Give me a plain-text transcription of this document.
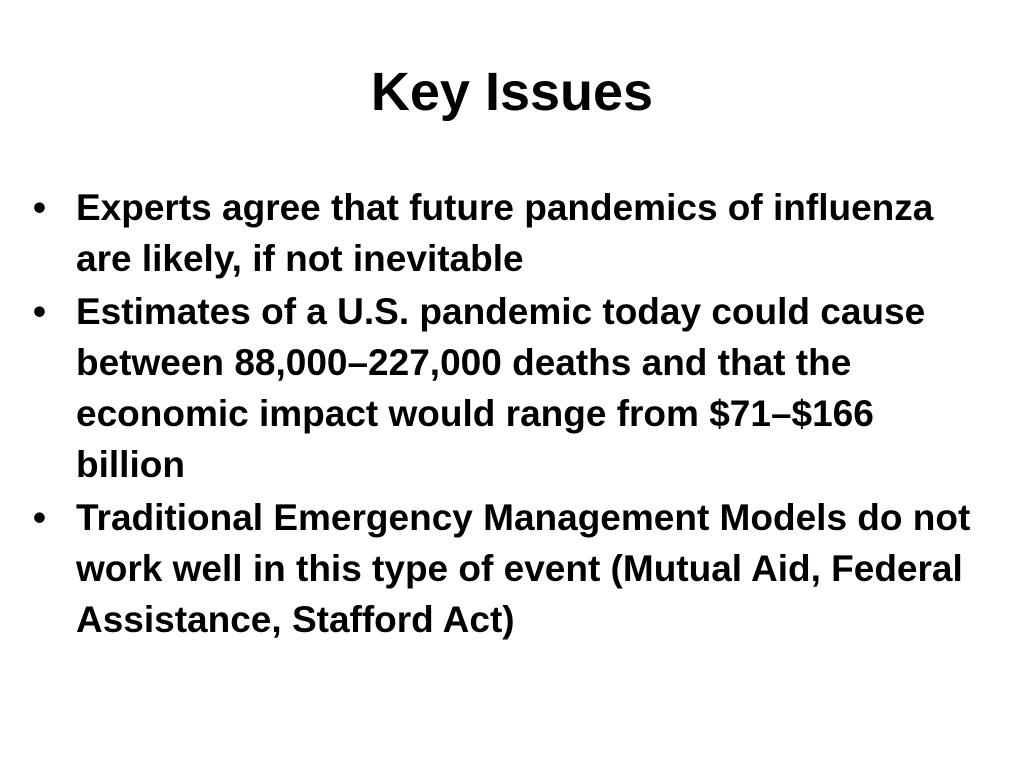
Key Issues
• Experts agree that future pandemics of influenza are likely, if not inevitable
• Estimates of a U.S. pandemic today could cause between 88,000–227,000 deaths and that the economic impact would range from $71–$166 billion
• Traditional Emergency Management Models do not work well in this type of event (Mutual Aid, Federal Assistance, Stafford Act)
